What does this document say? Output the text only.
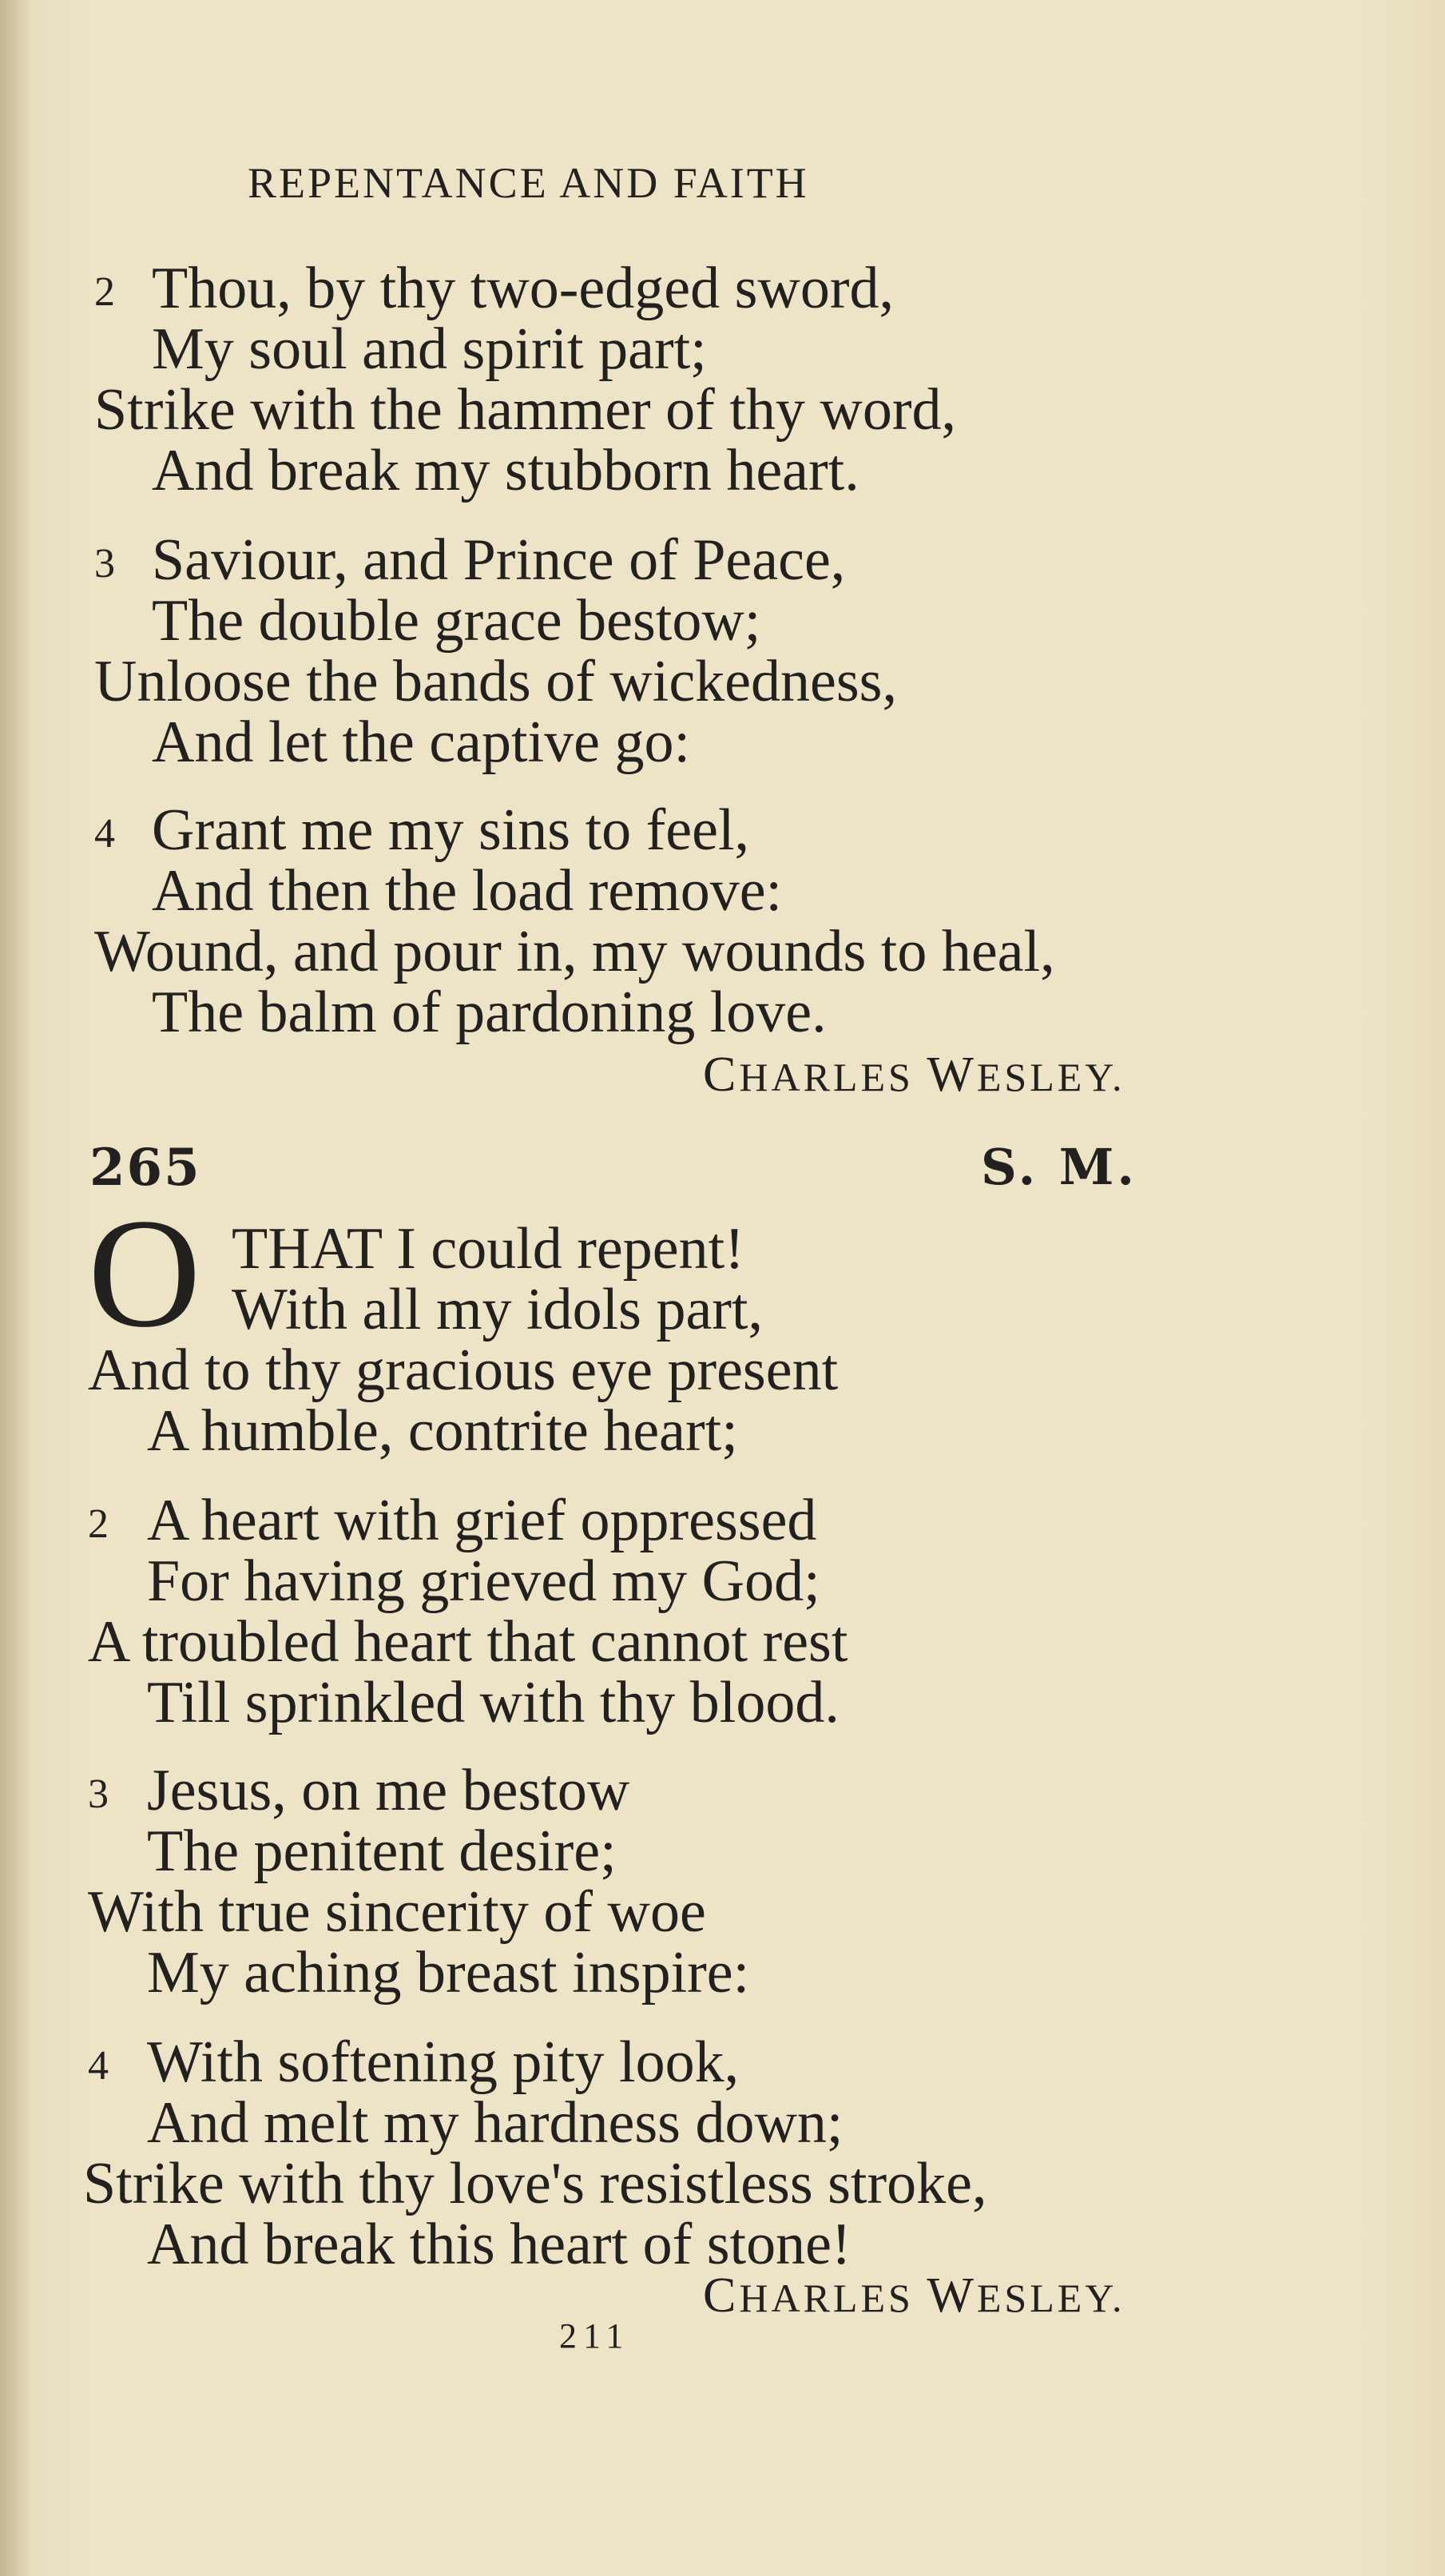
REPENTANCE AND FAITH
2 Thou, by thy two-edged sword,
My soul and spirit part;
Strike with the hammer of thy word,
And break my stubborn heart.
3 Saviour, and Prince of Peace,
The double grace bestow;
Unloose the bands of wickedness,
And let the captive go:
4 Grant me my sins to feel,
And then the load remove:
Wound, and pour in, my wounds to heal,
The balm of pardoning love.
CHARLES WESLEY.
265	S. M.
O THAT I could repent!
With all my idols part,
And to thy gracious eye present
A humble, contrite heart;
2 A heart with grief oppressed
For having grieved my God;
A troubled heart that cannot rest
Till sprinkled with thy blood.
3 Jesus, on me bestow
The penitent desire;
With true sincerity of woe
My aching breast inspire:
4 With softening pity look,
And melt my hardness down;
Strike with thy love's resistless stroke,
And break this heart of stone!
CHARLES WESLEY.
211
